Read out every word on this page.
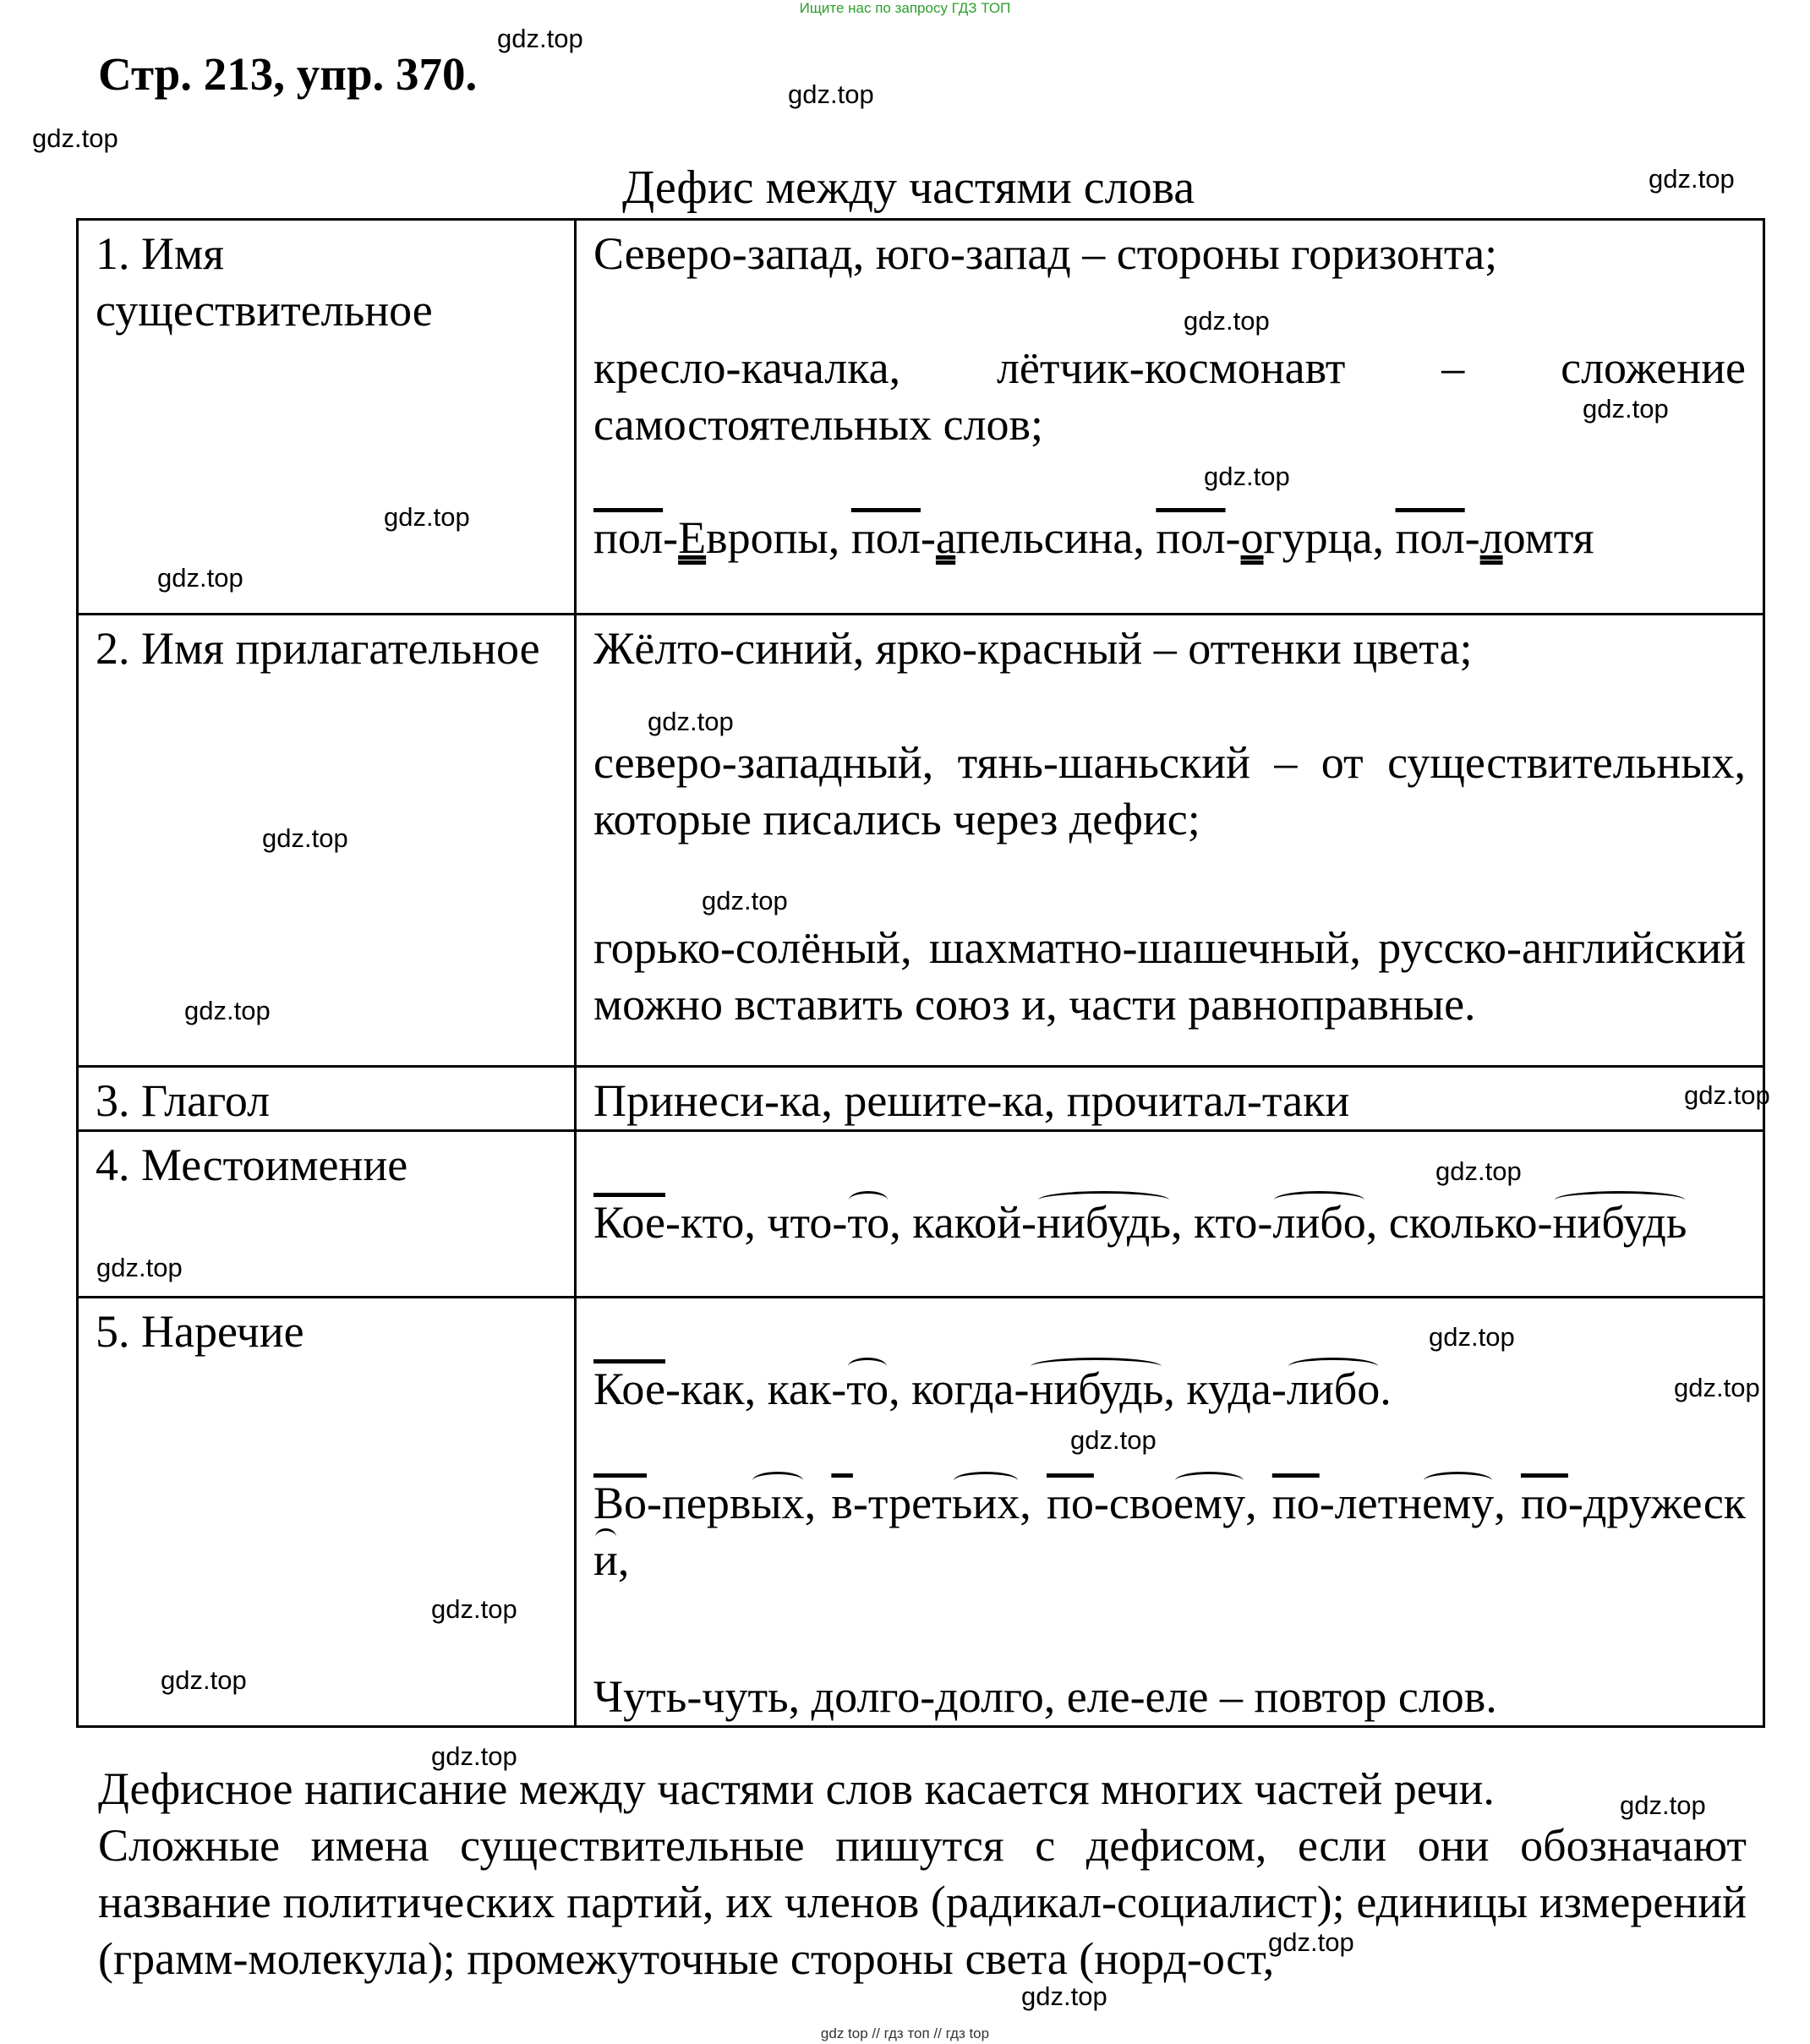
Ищите нас по запросу ГДЗ ТОП
Стр. 213, упр. 370.
Дефис между частями слова
1. Имя существительное	Северо-запад, юго-запад – стороны горизонта;

кресло-качалка, лётчик-космонавт – сложение самостоятельных слов;

пол-Европы, пол-апельсина, пол-огурца, пол-ломтя

2. Имя прилагательное	Жёлто-синий, ярко-красный – оттенки цвета;

северо-западный, тянь-шаньский – от существительных, которые писались через дефис;

горько-солёный, шахматно-шашечный, русско-английский можно вставить союз и, части равноправные.

3. Глагол	Принеси-ка, решите-ка, прочитал-таки

4. Местоимение	Кое-кто, что-то, какой-нибудь, кто-либо, сколько-нибудь

5. Наречие	Кое-как, как-то, когда-нибудь, куда-либо.

Во-первых, в-третьих, по-своему, по-летнему, по-дружески,

Чуть-чуть, долго-долго, еле-еле – повтор слов.

Дефисное написание между частями слов касается многих частей речи.

Сложные имена существительные пишутся с дефисом, если они обозначают название политических партий, их членов (радикал-социалист); единицы измерений (грамм-молекула); промежуточные стороны света (норд-ост,

gdz.top
gdz.top
gdz.top
gdz.top
gdz.top
gdz.top
gdz.top
gdz.top
gdz.top
gdz.top
gdz.top
gdz.top
gdz.top
gdz.top
gdz.top
gdz.top
gdz.top
gdz.top
gdz.top
gdz.top
gdz.top
gdz.top
gdz.top
gdz.top
gdz.top
gdz top // гдз топ // гдз top
